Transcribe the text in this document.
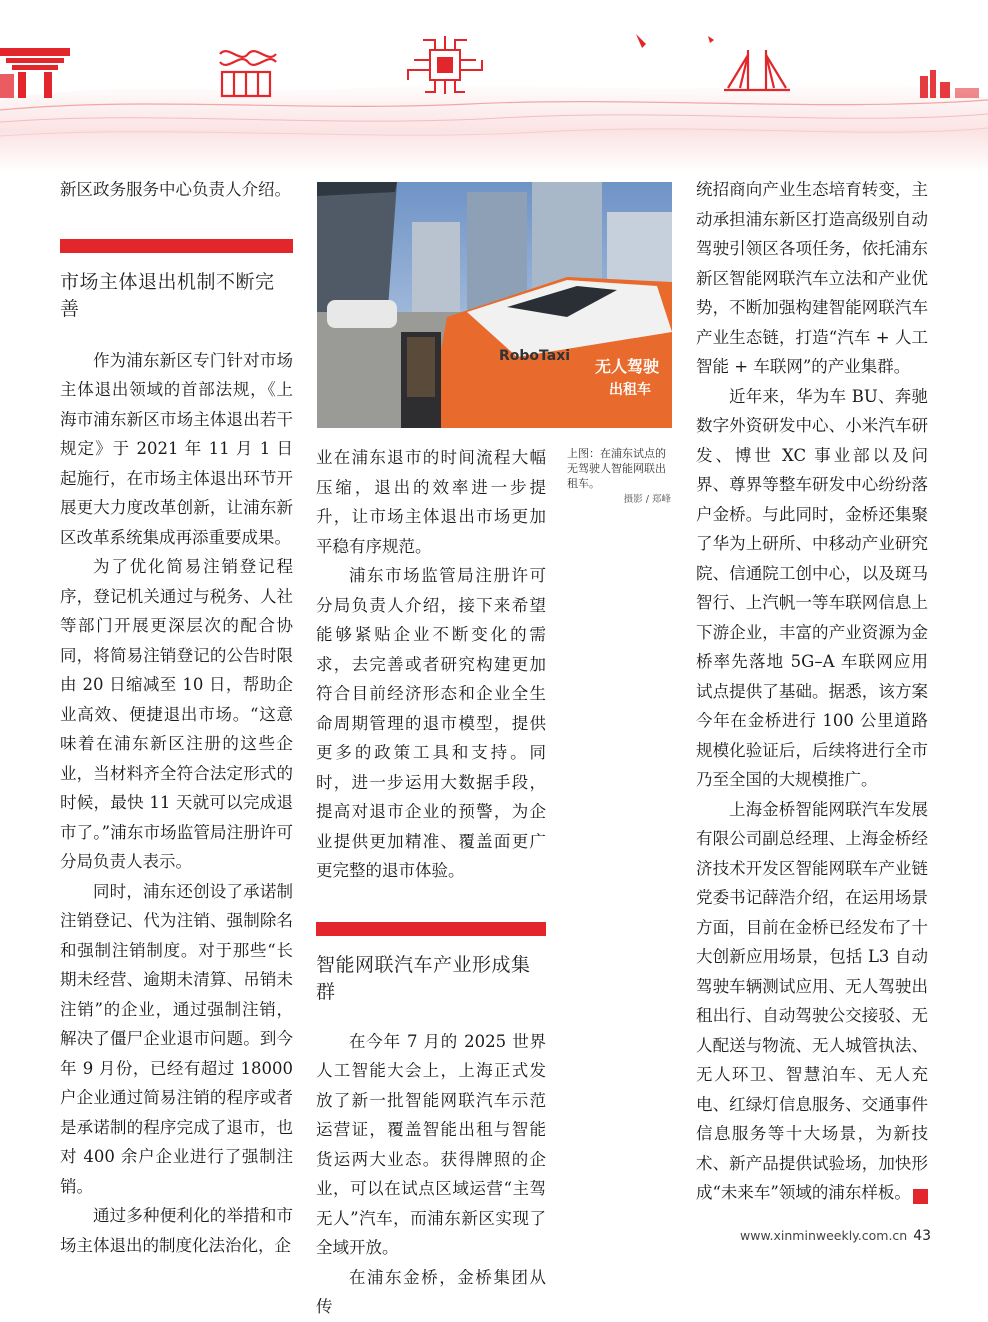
新区政务服务中心负责人介绍。

市场主体退出机制不断完善

作为浦东新区专门针对市场主体退出领域的首部法规，《上海市浦东新区市场主体退出若干规定》于 2021 年 11 月 1 日起施行，在市场主体退出环节开展更大力度改革创新，让浦东新区改革系统集成再添重要成果。

为了优化简易注销登记程序，登记机关通过与税务、人社等部门开展更深层次的配合协同，将简易注销登记的公告时限由 20 日缩减至 10 日，帮助企业高效、便捷退出市场。“这意味着在浦东新区注册的这些企业，当材料齐全符合法定形式的时候，最快 11 天就可以完成退市了。”浦东市场监管局注册许可分局负责人表示。

同时，浦东还创设了承诺制注销登记、代为注销、强制除名和强制注销制度。对于那些“长期未经营、逾期未清算、吊销未注销”的企业，通过强制注销，解决了僵尸企业退市问题。到今年 9 月份，已经有超过 18000 户企业通过简易注销的程序或者是承诺制的程序完成了退市，也对 400 余户企业进行了强制注销。

通过多种便利化的举措和市场主体退出的制度化法治化，企

RoboTaxi
无人驾驶
出租车
上图：在浦东试点的无驾驶人智能网联出租车。
摄影 / 郑峰

业在浦东退市的时间流程大幅压缩，退出的效率进一步提升，让市场主体退出市场更加平稳有序规范。

浦东市场监管局注册许可分局负责人介绍，接下来希望能够紧贴企业不断变化的需求，去完善或者研究构建更加符合目前经济形态和企业全生命周期管理的退市模型，提供更多的政策工具和支持。同时，进一步运用大数据手段，提高对退市企业的预警，为企业提供更加精准、覆盖面更广更完整的退市体验。

智能网联汽车产业形成集群

在今年 7 月的 2025 世界人工智能大会上，上海正式发放了新一批智能网联汽车示范运营证，覆盖智能出租与智能货运两大业态。获得牌照的企业，可以在试点区域运营“主驾无人”汽车，而浦东新区实现了全域开放。

在浦东金桥，金桥集团从传

统招商向产业生态培育转变，主动承担浦东新区打造高级别自动驾驶引领区各项任务，依托浦东新区智能网联汽车立法和产业优势，不断加强构建智能网联汽车产业生态链，打造“汽车 + 人工智能 + 车联网”的产业集群。

近年来，华为车 BU、奔驰数字外资研发中心、小米汽车研发、博世 XC 事业部以及问界、尊界等整车研发中心纷纷落户金桥。与此同时，金桥还集聚了华为上研所、中移动产业研究院、信通院工创中心，以及斑马智行、上汽帆一等车联网信息上下游企业，丰富的产业资源为金桥率先落地 5G–A 车联网应用试点提供了基础。据悉，该方案今年在金桥进行 100 公里道路规模化验证后，后续将进行全市乃至全国的大规模推广。

上海金桥智能网联汽车发展有限公司副总经理、上海金桥经济技术开发区智能网联车产业链党委书记薛浩介绍，在运用场景方面，目前在金桥已经发布了十大创新应用场景，包括 L3 自动驾驶车辆测试应用、无人驾驶出租出行、自动驾驶公交接驳、无人配送与物流、无人城管执法、无人环卫、智慧泊车、无人充电、红绿灯信息服务、交通事件信息服务等十大场景，为新技术、新产品提供试验场，加快形成“未来车”领域的浦东样板。	民

www.xinminweekly.com.cn 43
